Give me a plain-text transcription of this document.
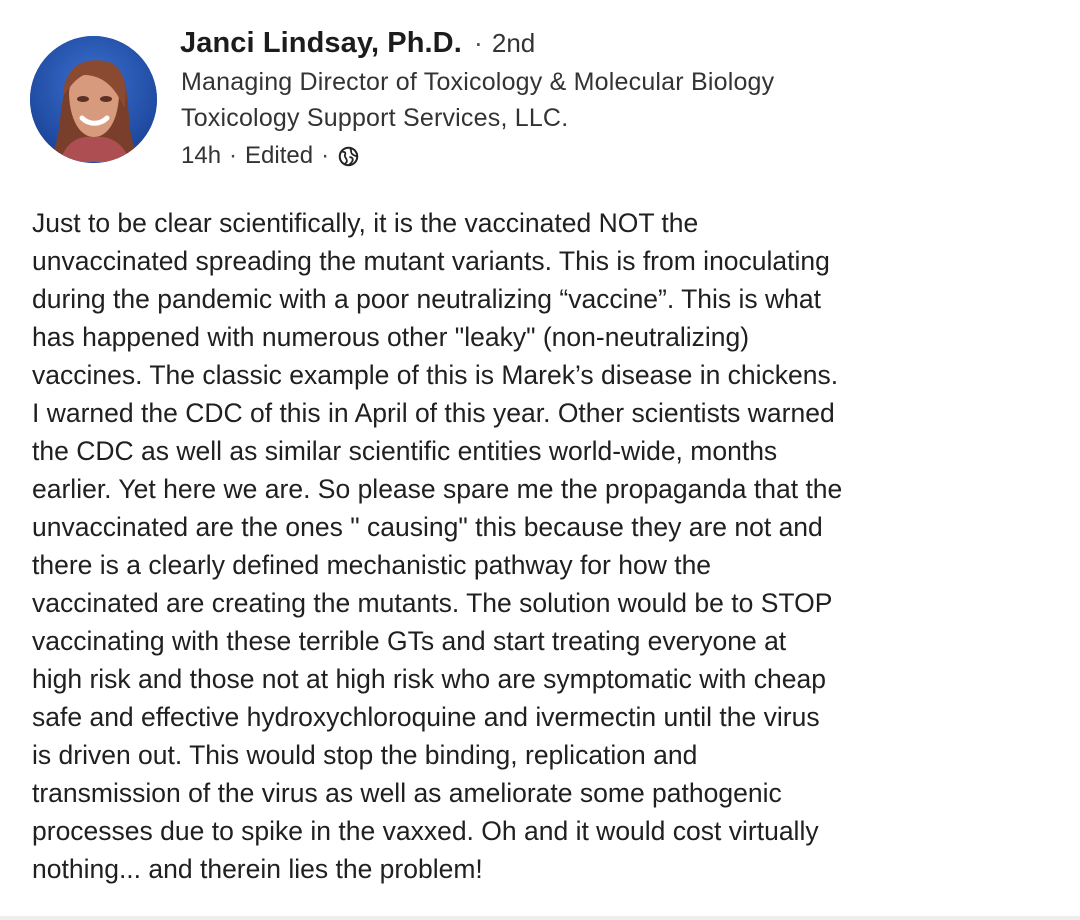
Janci Lindsay, Ph.D. · 2nd
Managing Director of Toxicology & Molecular Biology
Toxicology Support Services, LLC.
14h · Edited ·

Just to be clear scientifically, it is the vaccinated NOT the

unvaccinated spreading the mutant variants. This is from inoculating

during the pandemic with a poor neutralizing “vaccine”. This is what

has happened with numerous other "leaky" (non-neutralizing)

vaccines. The classic example of this is Marek’s disease in chickens.

I warned the CDC of this in April of this year. Other scientists warned

the CDC as well as similar scientific entities world-wide, months

earlier. Yet here we are. So please spare me the propaganda that the

unvaccinated are the ones " causing" this because they are not and

there is a clearly defined mechanistic pathway for how the

vaccinated are creating the mutants. The solution would be to STOP

vaccinating with these terrible GTs and start treating everyone at

high risk and those not at high risk who are symptomatic with cheap

safe and effective hydroxychloroquine and ivermectin until the virus

is driven out. This would stop the binding, replication and

transmission of the virus as well as ameliorate some pathogenic

processes due to spike in the vaxxed. Oh and it would cost virtually

nothing... and therein lies the problem!
